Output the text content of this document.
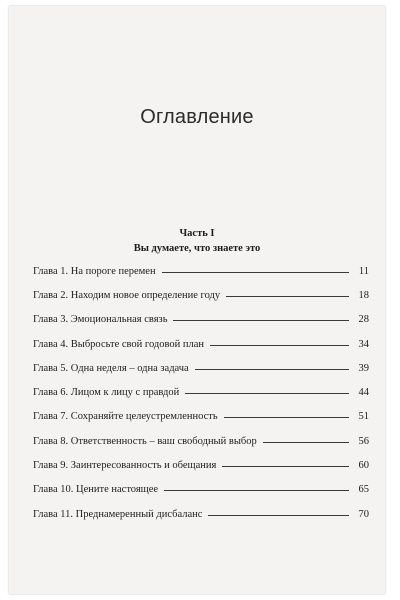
Оглавление
Часть I
Вы думаете, что знаете это
Глава 1. На пороге перемен	11
Глава 2. Находим новое определение году	18
Глава 3. Эмоциональная связь	28
Глава 4. Выбросьте свой годовой план	34
Глава 5. Одна неделя – одна задача	39
Глава 6. Лицом к лицу с правдой	44
Глава 7. Сохраняйте целеустремленность	51
Глава 8. Ответственность – ваш свободный выбор	56
Глава 9. Заинтересованность и обещания	60
Глава 10. Цените настоящее	65
Глава 11. Преднамеренный дисбаланс	70
